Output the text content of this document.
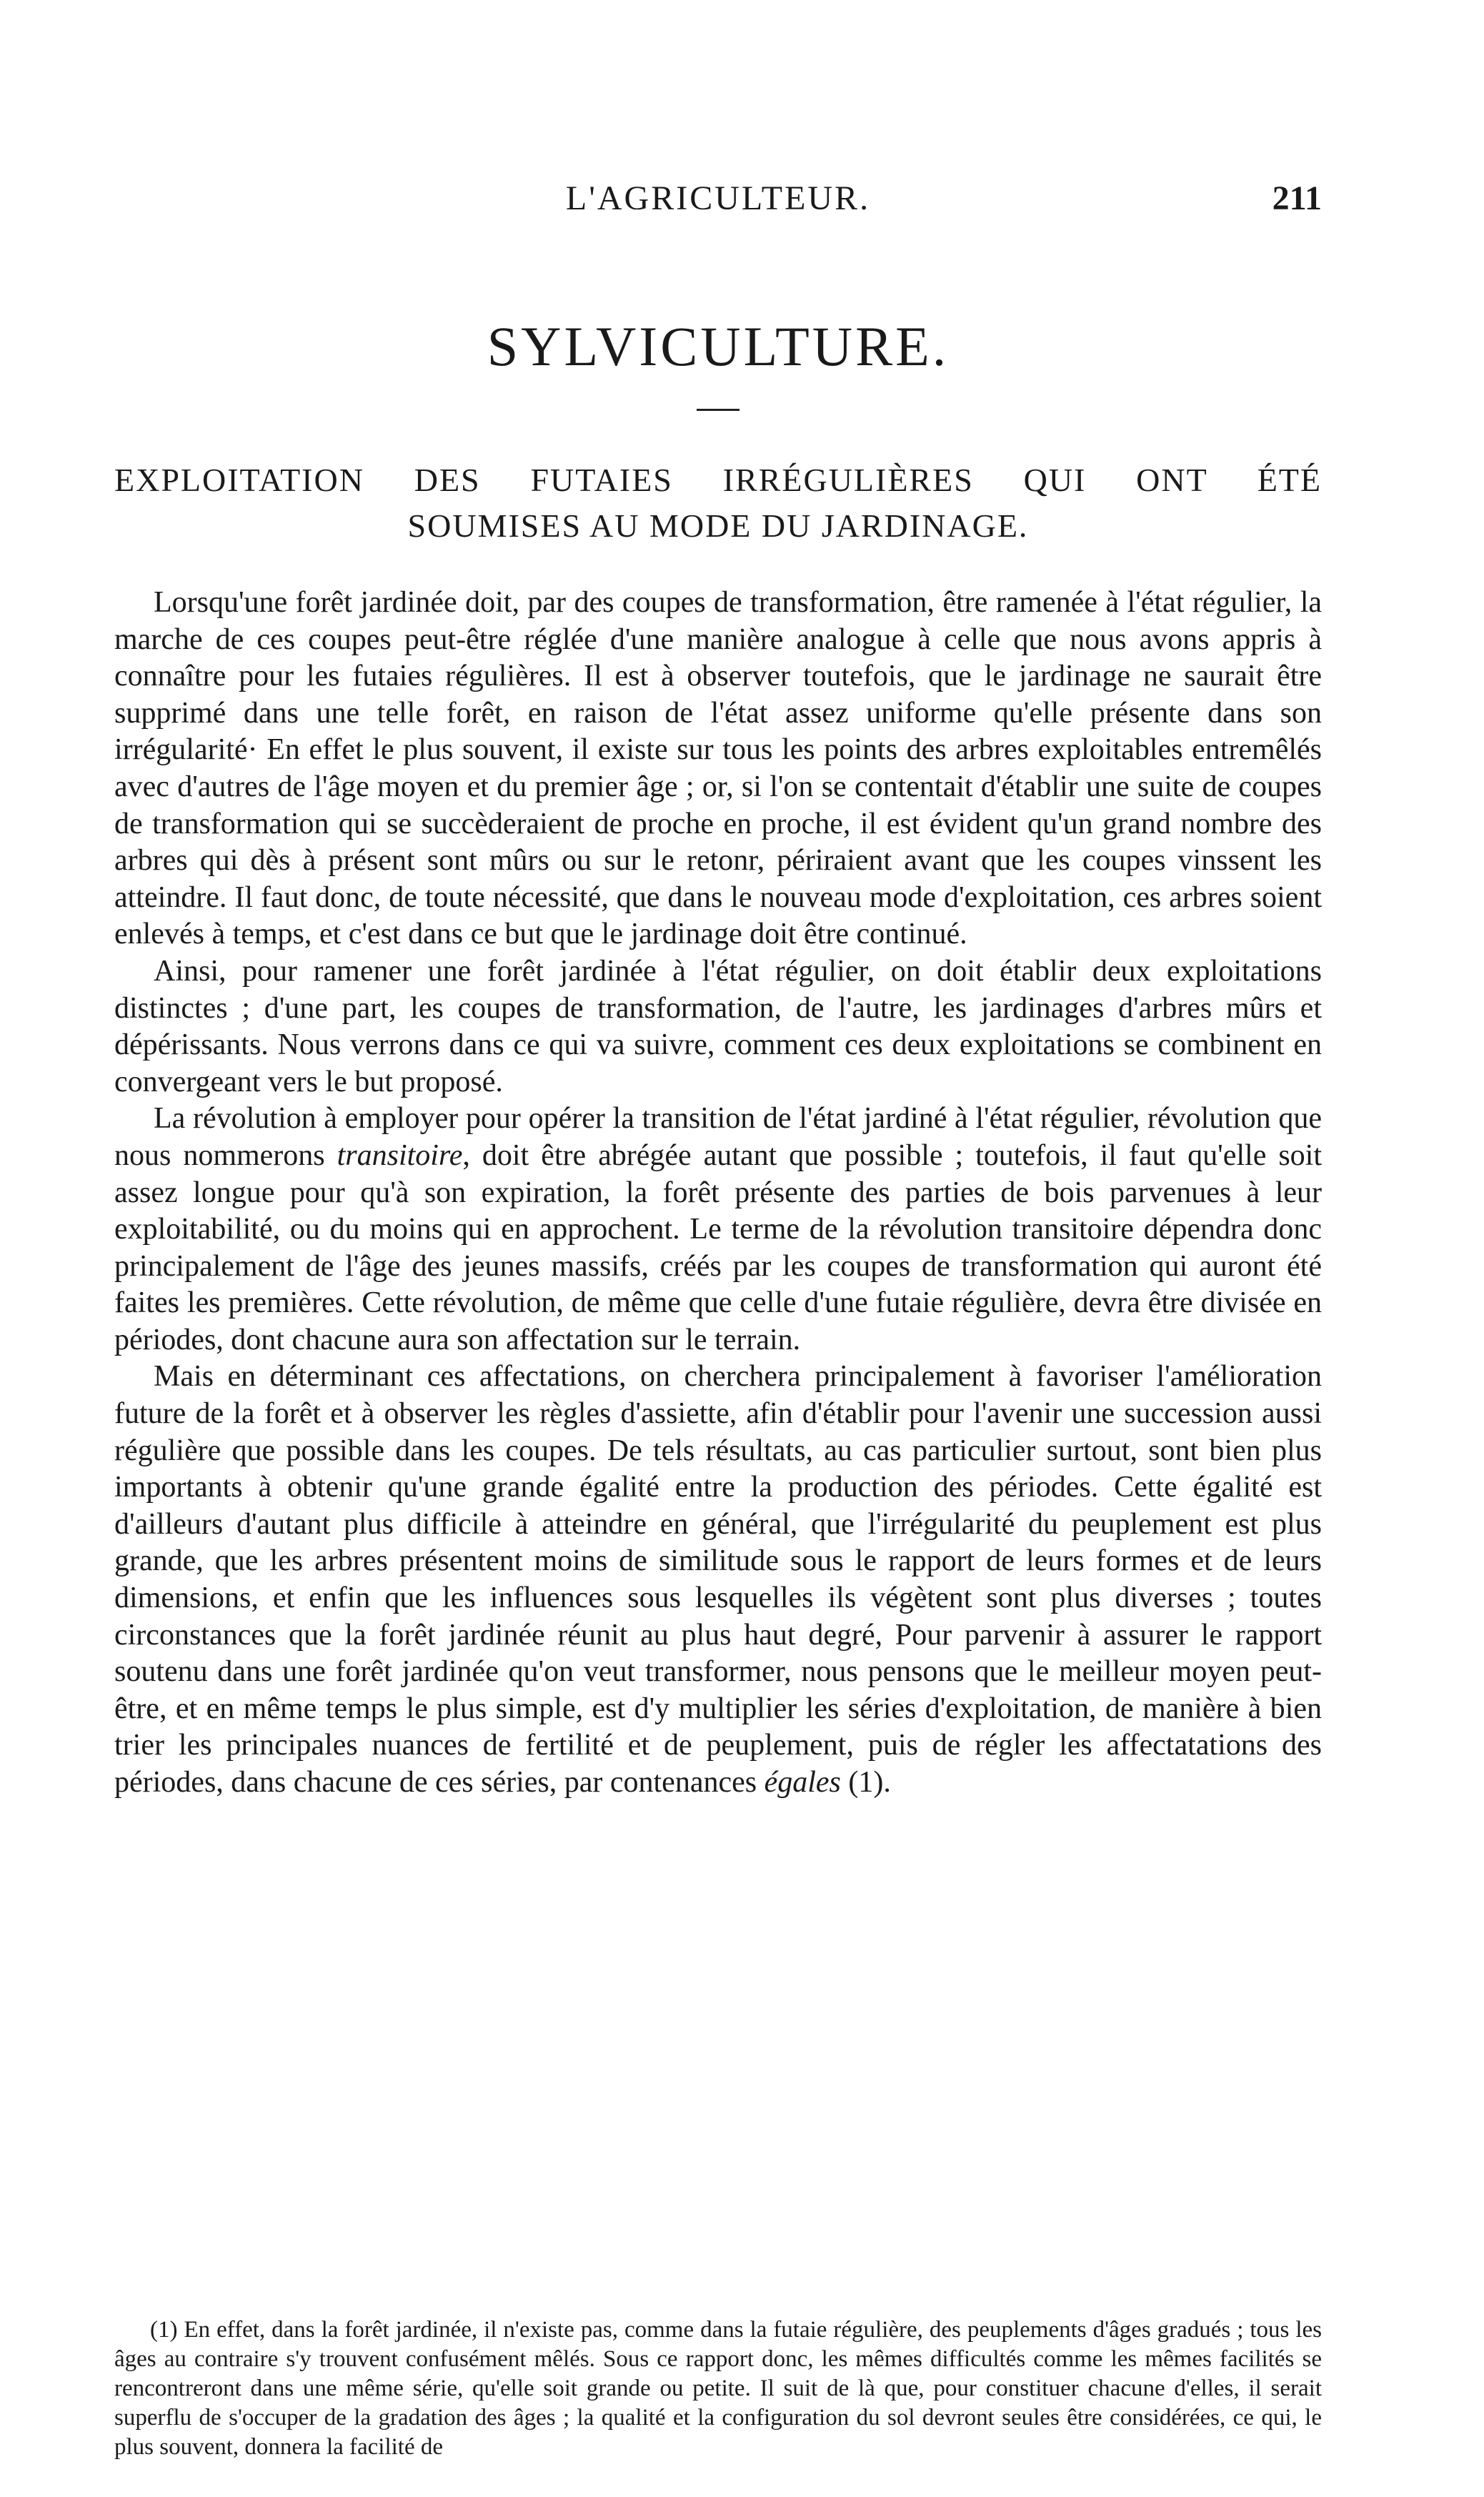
L'AGRICULTEUR.	211
SYLVICULTURE.
EXPLOITATION DES FUTAIES IRRÉGULIÈRES QUI ONT ÉTÉ
SOUMISES AU MODE DU JARDINAGE.

Lorsqu'une forêt jardinée doit, par des coupes de transformation, être ramenée à l'état régulier, la marche de ces coupes peut-être réglée d'une manière analogue à celle que nous avons appris à connaître pour les futaies régulières. Il est à observer toutefois, que le jardinage ne saurait être supprimé dans une telle forêt, en raison de l'état assez uniforme qu'elle présente dans son irrégularité· En effet le plus souvent, il existe sur tous les points des arbres exploitables entremêlés avec d'autres de l'âge moyen et du premier âge ; or, si l'on se contentait d'établir une suite de coupes de transformation qui se succèderaient de proche en proche, il est évident qu'un grand nombre des arbres qui dès à présent sont mûrs ou sur le retonr, périraient avant que les coupes vinssent les atteindre. Il faut donc, de toute nécessité, que dans le nouveau mode d'exploitation, ces arbres soient enlevés à temps, et c'est dans ce but que le jardinage doit être continué.

Ainsi, pour ramener une forêt jardinée à l'état régulier, on doit établir deux exploitations distinctes ; d'une part, les coupes de transformation, de l'autre, les jardinages d'arbres mûrs et dépérissants. Nous verrons dans ce qui va suivre, comment ces deux exploitations se combinent en convergeant vers le but proposé.

La révolution à employer pour opérer la transition de l'état jardiné à l'état régulier, révolution que nous nommerons transitoire, doit être abrégée autant que possible ; toutefois, il faut qu'elle soit assez longue pour qu'à son expiration, la forêt présente des parties de bois parvenues à leur exploitabilité, ou du moins qui en approchent. Le terme de la révolution transitoire dépendra donc principalement de l'âge des jeunes massifs, créés par les coupes de transformation qui auront été faites les premières. Cette révolution, de même que celle d'une futaie régulière, devra être divisée en périodes, dont chacune aura son affectation sur le terrain.

Mais en déterminant ces affectations, on cherchera principalement à favoriser l'amélioration future de la forêt et à observer les règles d'assiette, afin d'établir pour l'avenir une succession aussi régulière que possible dans les coupes. De tels résultats, au cas particulier surtout, sont bien plus importants à obtenir qu'une grande égalité entre la production des périodes. Cette égalité est d'ailleurs d'autant plus difficile à atteindre en général, que l'irrégularité du peuplement est plus grande, que les arbres présentent moins de similitude sous le rapport de leurs formes et de leurs dimensions, et enfin que les influences sous lesquelles ils végètent sont plus diverses ; toutes circonstances que la forêt jardinée réunit au plus haut degré, Pour parvenir à assurer le rapport soutenu dans une forêt jardinée qu'on veut transformer, nous pensons que le meilleur moyen peut-être, et en même temps le plus simple, est d'y multiplier les séries d'exploitation, de manière à bien trier les principales nuances de fertilité et de peuplement, puis de régler les affectatations des périodes, dans chacune de ces séries, par contenances égales (1).

(1) En effet, dans la forêt jardinée, il n'existe pas, comme dans la futaie régulière, des peuplements d'âges gradués ; tous les âges au contraire s'y trouvent confusément mêlés. Sous ce rapport donc, les mêmes difficultés comme les mêmes facilités se rencontreront dans une même série, qu'elle soit grande ou petite. Il suit de là que, pour constituer chacune d'elles, il serait superflu de s'occuper de la gradation des âges ; la qualité et la configuration du sol devront seules être considérées, ce qui, le plus souvent, donnera la facilité de
